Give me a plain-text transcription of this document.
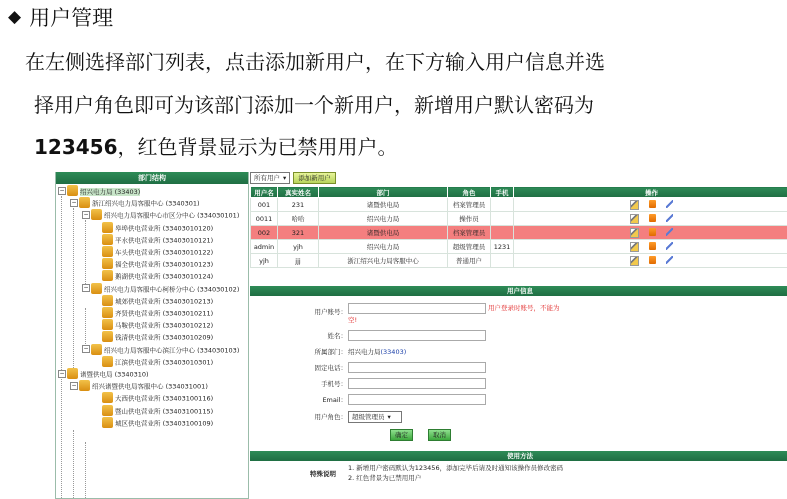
◆ 用户管理
在左侧选择部门列表，点击添加新用户，在下方输入用户信息并选
择用户角色即可为该部门添加一个新用户，新增用户默认密码为
123456，红色背景显示为已禁用用户。
部门结构
− 绍兴电力局 (33403)
− 浙江绍兴电力局客服中心 (3340301)
− 绍兴电力局客服中心市区分中心 (334030101)
皋埠供电营业所 (33403010120)
平水供电营业所 (33403010121)
车头供电营业所 (33403010122)
福全供电营业所 (33403010123)
鹅湖供电营业所 (33403010124)
− 绍兴电力局客服中心柯桥分中心 (334030102)
城郊供电营业所 (33403010213)
齐贤供电营业所 (33403010211)
马鞍供电营业所 (33403010212)
钱清供电营业所 (33403010209)
− 绍兴电力局客服中心滨江分中心 (334030103)
江滨供电营业所 (33403010301)
− 诸暨供电局 (3340310)
− 绍兴诸暨供电局客服中心 (334031001)
大西供电营业所 (33403100116)
暨山供电营业所 (33403100115)
城区供电营业所 (33403100109)
所有用户 ▾	添加新用户
用户名	真实姓名	部门	角色	手机	操作
001	231	诸暨供电局	档案管理员		

0011	哈哈	绍兴电力局	操作员		

002	321	诸暨供电局	档案管理员		

admin	yjh	绍兴电力局	超级管理员	1231	

yjh	jjj	浙江绍兴电力局客服中心	普通用户		
用户信息
用户账号：	用户登录时账号，不能为
空!
姓名：
所属部门： 绍兴电力局(33403)
固定电话：
手机号：
Email：
用户角色： 超级管理员 ▾
确定	取消
使用方法
特殊说明
1. 新增用户密码默认为123456，添加完毕后请及时通知该操作员修改密码
2. 红色背景为已禁用用户
